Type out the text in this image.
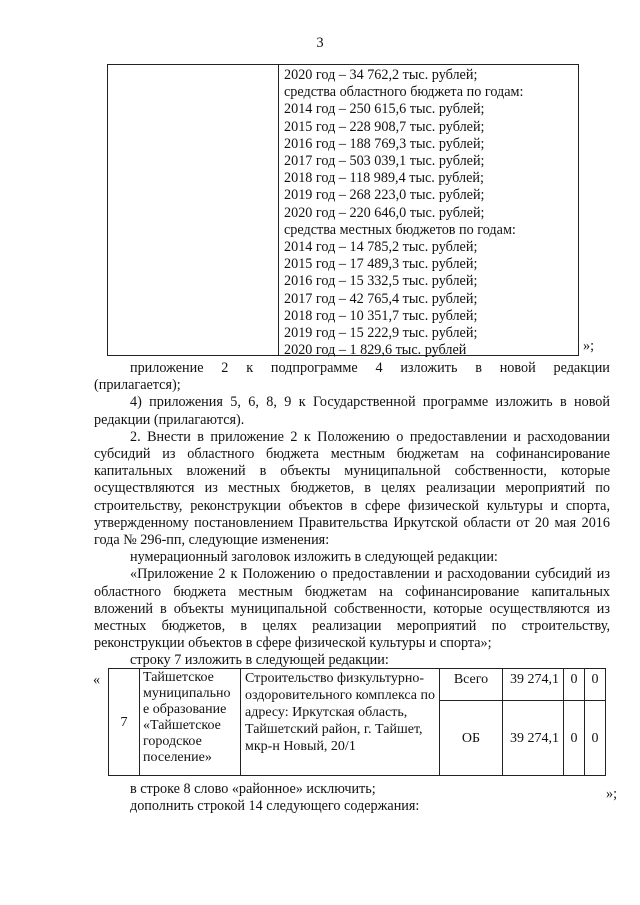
3
2020 год – 34 762,2 тыс. рублей;
средства областного бюджета по годам:
2014 год – 250 615,6 тыс. рублей;
2015 год – 228 908,7 тыс. рублей;
2016 год – 188 769,3 тыс. рублей;
2017 год – 503 039,1 тыс. рублей;
2018 год – 118 989,4 тыс. рублей;
2019 год – 268 223,0 тыс. рублей;
2020 год – 220 646,0 тыс. рублей;
средства местных бюджетов по годам:
2014 год – 14 785,2 тыс. рублей;
2015 год – 17 489,3 тыс. рублей;
2016 год – 15 332,5 тыс. рублей;
2017 год – 42 765,4 тыс. рублей;
2018 год – 10 351,7 тыс. рублей;
2019 год – 15 222,9 тыс. рублей;
2020 год – 1 829,6 тыс. рублей	»;
приложение 2 к подпрограмме 4 изложить в новой редакции

(прилагается);

4) приложения 5, 6, 8, 9 к Государственной программе изложить в новой редакции (прилагаются).

2. Внести в приложение 2 к Положению о предоставлении и расходовании субсидий из областного бюджета местным бюджетам на софинансирование капитальных вложений в объекты муниципальной собственности, которые осуществляются из местных бюджетов, в целях реализации мероприятий по строительству, реконструкции объектов в сфере физической культуры и спорта, утвержденному постановлением Правительства Иркутской области от 20 мая 2016 года № 296-пп, следующие изменения:

нумерационный заголовок изложить в следующей редакции:

«Приложение 2 к Положению о предоставлении и расходовании субсидий из областного бюджета местным бюджетам на софинансирование капитальных вложений в объекты муниципальной собственности, которые осуществляются из местных бюджетов, в целях реализации мероприятий по строительству, реконструкции объектов в сфере физической культуры и спорта»;

строку 7 изложить в следующей редакции:

«
7	Тайшетское муниципально е образование «Тайшетское городское поселение»	Строительство физкультурно-оздоровительного комплекса по адресу: Иркутская область, Тайшетский район, г. Тайшет, мкр-н Новый, 20/1	Всего	39 274,1	0	0
			ОБ	39 274,1	0	0
»;
в строке 8 слово «районное» исключить;
дополнить строкой 14 следующего содержания:
